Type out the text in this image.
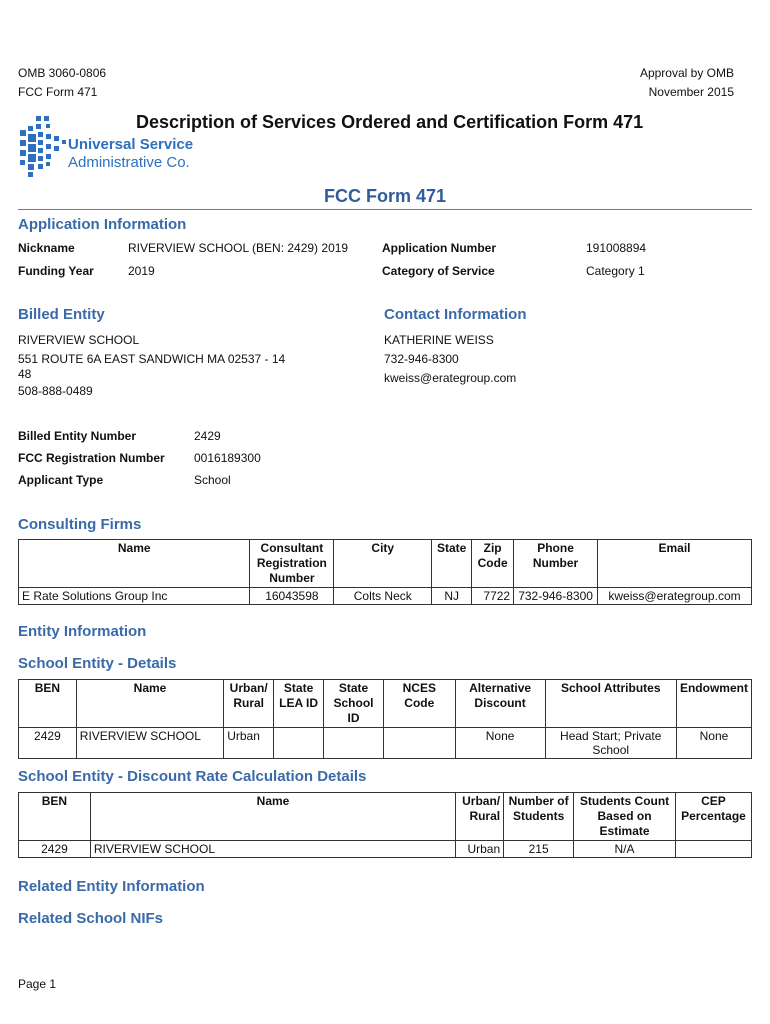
OMB 3060-0806
FCC Form 471
Approval by OMB
November 2015
Universal Service
Administrative Co.
Description of Services Ordered and Certification Form 471
FCC Form 471
Application Information
Nickname	RIVERVIEW SCHOOL (BEN: 2429) 2019	Application Number	191008894
Funding Year	2019	Category of Service	Category 1
Billed Entity
RIVERVIEW SCHOOL
551 ROUTE 6A EAST SANDWICH MA 02537 - 14
48
508-888-0489
Contact Information
KATHERINE WEISS
732-946-8300
kweiss@erategroup.com
Billed Entity Number	2429
FCC Registration Number 0016189300
Applicant Type	School
Consulting Firms
Name	Consultant Registration Number	City	State	Zip Code	Phone Number	Email
E Rate Solutions Group Inc	16043598	Colts Neck	NJ	7722	732-946-8300	kweiss@erategroup.com
Entity Information
School Entity - Details
BEN	Name	Urban/ Rural	State LEA ID	State School ID	NCES Code	Alternative Discount	School Attributes	Endowment
2429	RIVERVIEW SCHOOL	Urban				None	Head Start; Private School	None
School Entity - Discount Rate Calculation Details
BEN	Name	Urban/ Rural	Number of Students	Students Count Based on Estimate	CEP Percentage
2429	RIVERVIEW SCHOOL	Urban	215	N/A	
Related Entity Information
Related School NIFs
Page 1
